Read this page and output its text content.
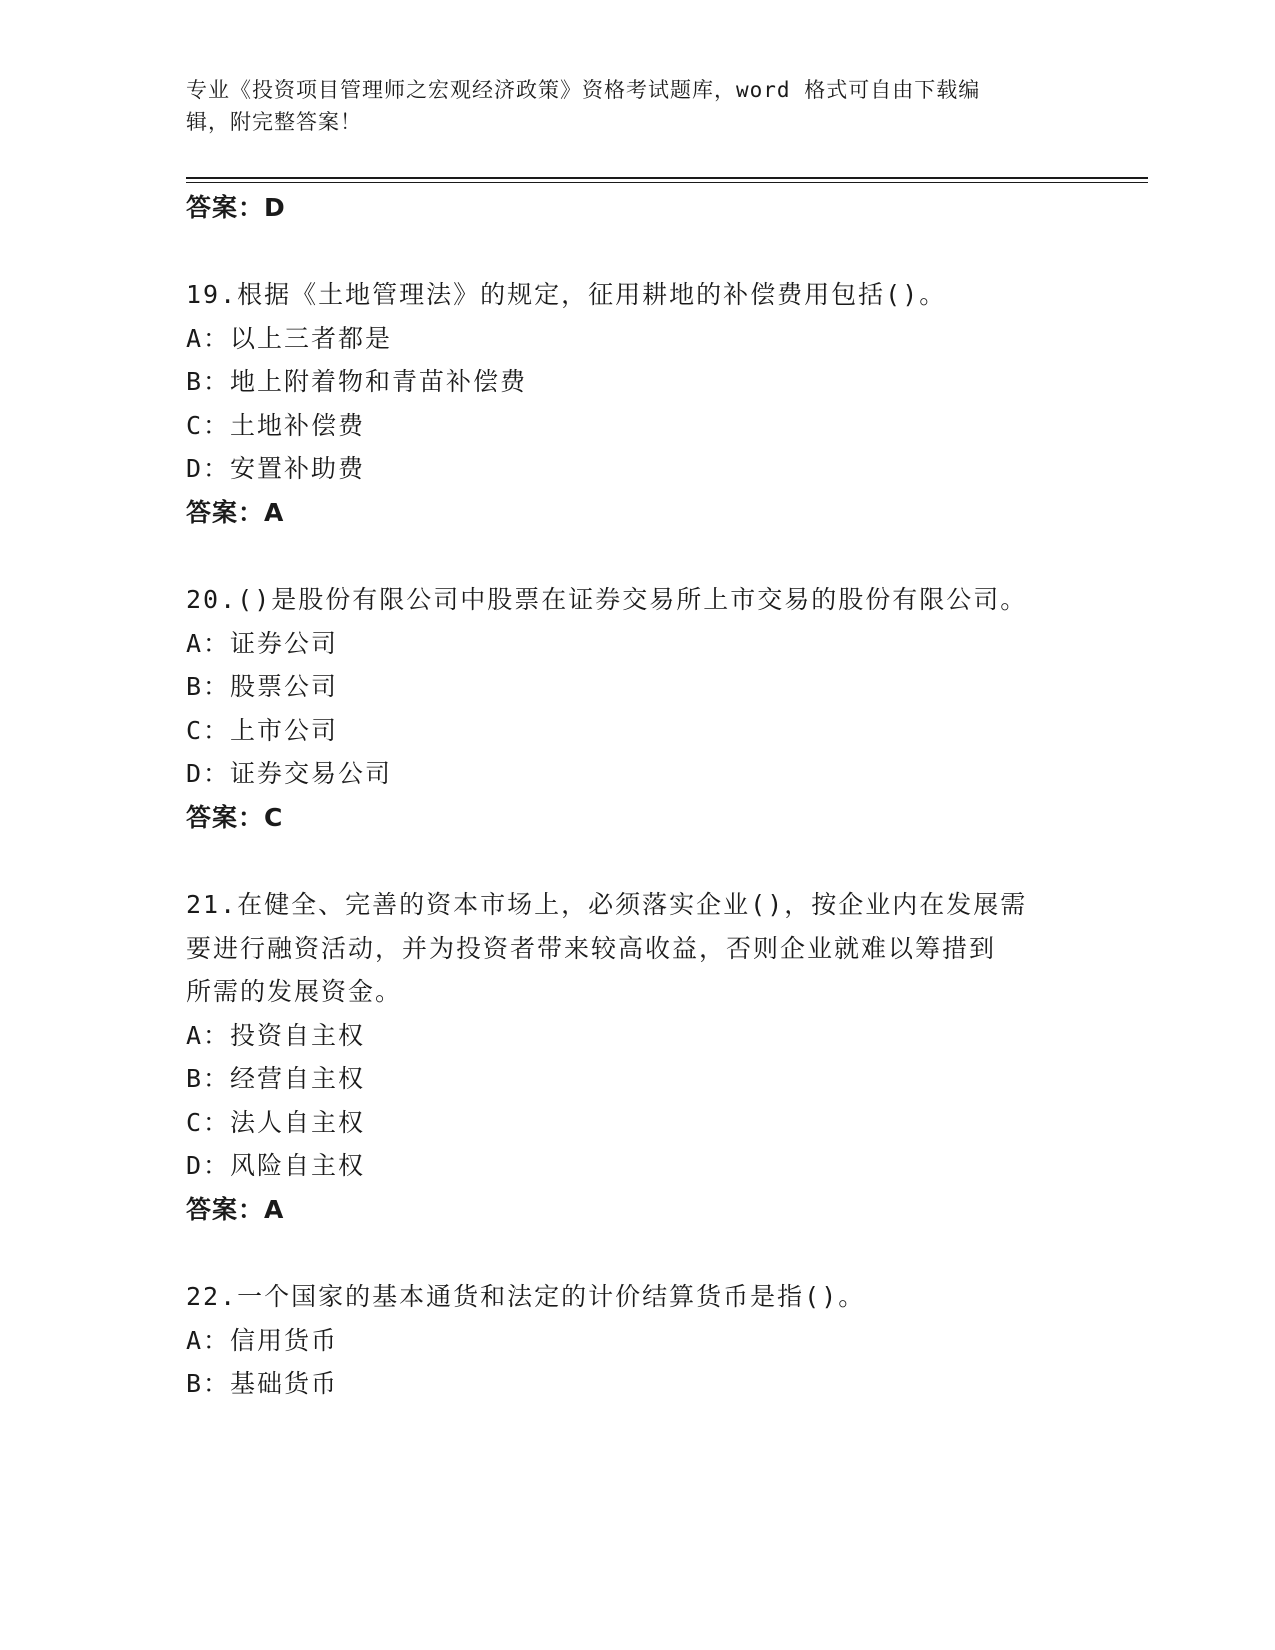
专业《投资项目管理师之宏观经济政策》资格考试题库，word 格式可自由下载编
辑，附完整答案！
答案：D
19.根据《土地管理法》的规定，征用耕地的补偿费用包括()。
A：以上三者都是
B：地上附着物和青苗补偿费
C：土地补偿费
D：安置补助费
答案：A
20.()是股份有限公司中股票在证券交易所上市交易的股份有限公司。
A：证券公司
B：股票公司
C：上市公司
D：证券交易公司
答案：C
21.在健全、完善的资本市场上，必须落实企业()，按企业内在发展需
要进行融资活动，并为投资者带来较高收益，否则企业就难以筹措到
所需的发展资金。
A：投资自主权
B：经营自主权
C：法人自主权
D：风险自主权
答案：A
22.一个国家的基本通货和法定的计价结算货币是指()。
A：信用货币
B：基础货币
